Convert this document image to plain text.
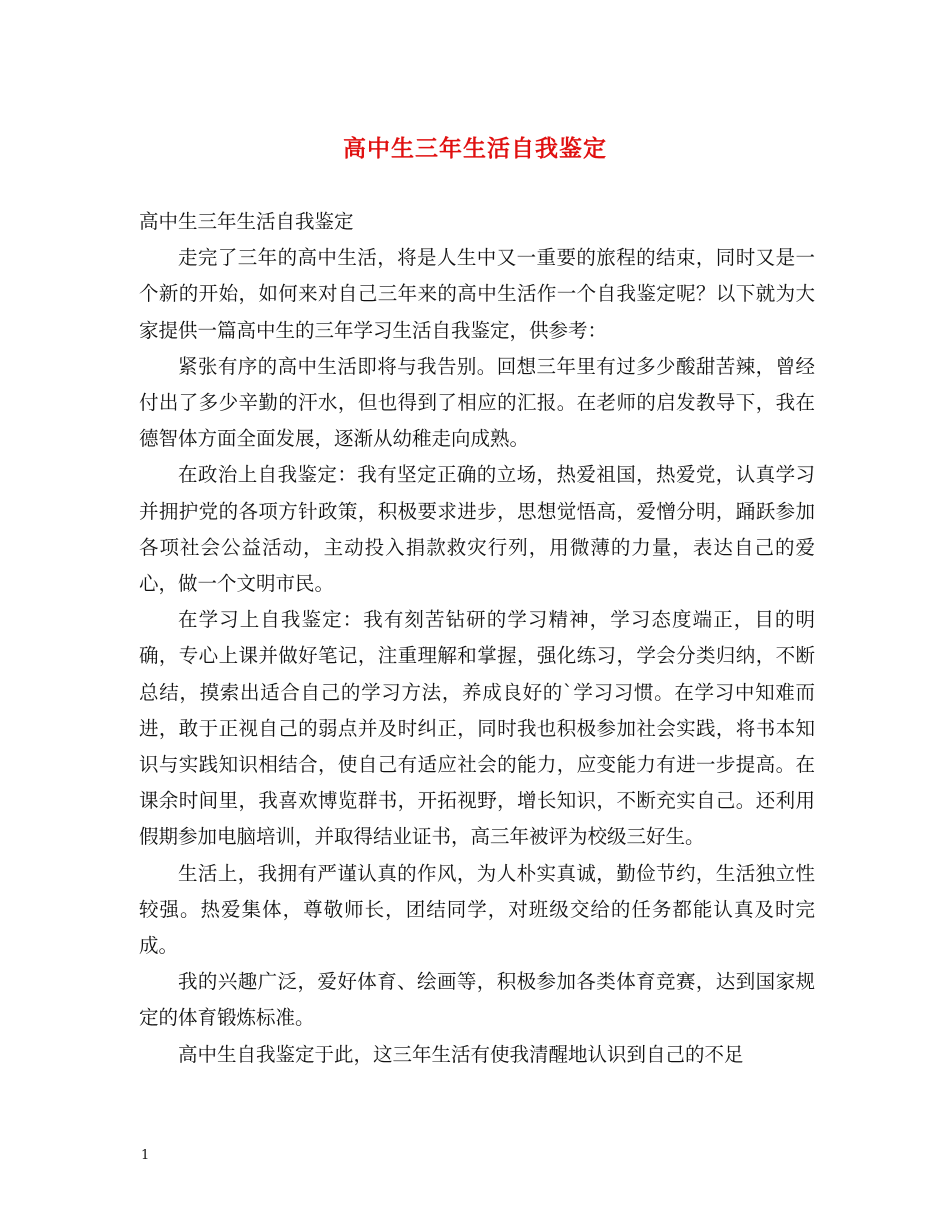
高中生三年生活自我鉴定

高中生三年生活自我鉴定

走完了三年的高中生活，将是人生中又一重要的旅程的结束，同时又是一个新的开始，如何来对自己三年来的高中生活作一个自我鉴定呢？以下就为大家提供一篇高中生的三年学习生活自我鉴定，供参考：

紧张有序的高中生活即将与我告别。回想三年里有过多少酸甜苦辣，曾经付出了多少辛勤的汗水，但也得到了相应的汇报。在老师的启发教导下，我在德智体方面全面发展，逐渐从幼稚走向成熟。

在政治上自我鉴定：我有坚定正确的立场，热爱祖国，热爱党，认真学习并拥护党的各项方针政策，积极要求进步，思想觉悟高，爱憎分明，踊跃参加各项社会公益活动，主动投入捐款救灾行列，用微薄的力量，表达自己的爱心，做一个文明市民。

在学习上自我鉴定：我有刻苦钻研的学习精神，学习态度端正，目的明确，专心上课并做好笔记，注重理解和掌握，强化练习，学会分类归纳，不断总结，摸索出适合自己的学习方法，养成良好的`学习习惯。在学习中知难而进，敢于正视自己的弱点并及时纠正，同时我也积极参加社会实践，将书本知识与实践知识相结合，使自己有适应社会的能力，应变能力有进一步提高。在课余时间里，我喜欢博览群书，开拓视野，增长知识，不断充实自己。还利用假期参加电脑培训，并取得结业证书，高三年被评为校级三好生。

生活上，我拥有严谨认真的作风，为人朴实真诚，勤俭节约，生活独立性较强。热爱集体，尊敬师长，团结同学，对班级交给的任务都能认真及时完成。

我的兴趣广泛，爱好体育、绘画等，积极参加各类体育竞赛，达到国家规定的体育锻炼标准。

高中生自我鉴定于此，这三年生活有使我清醒地认识到自己的不足

1
